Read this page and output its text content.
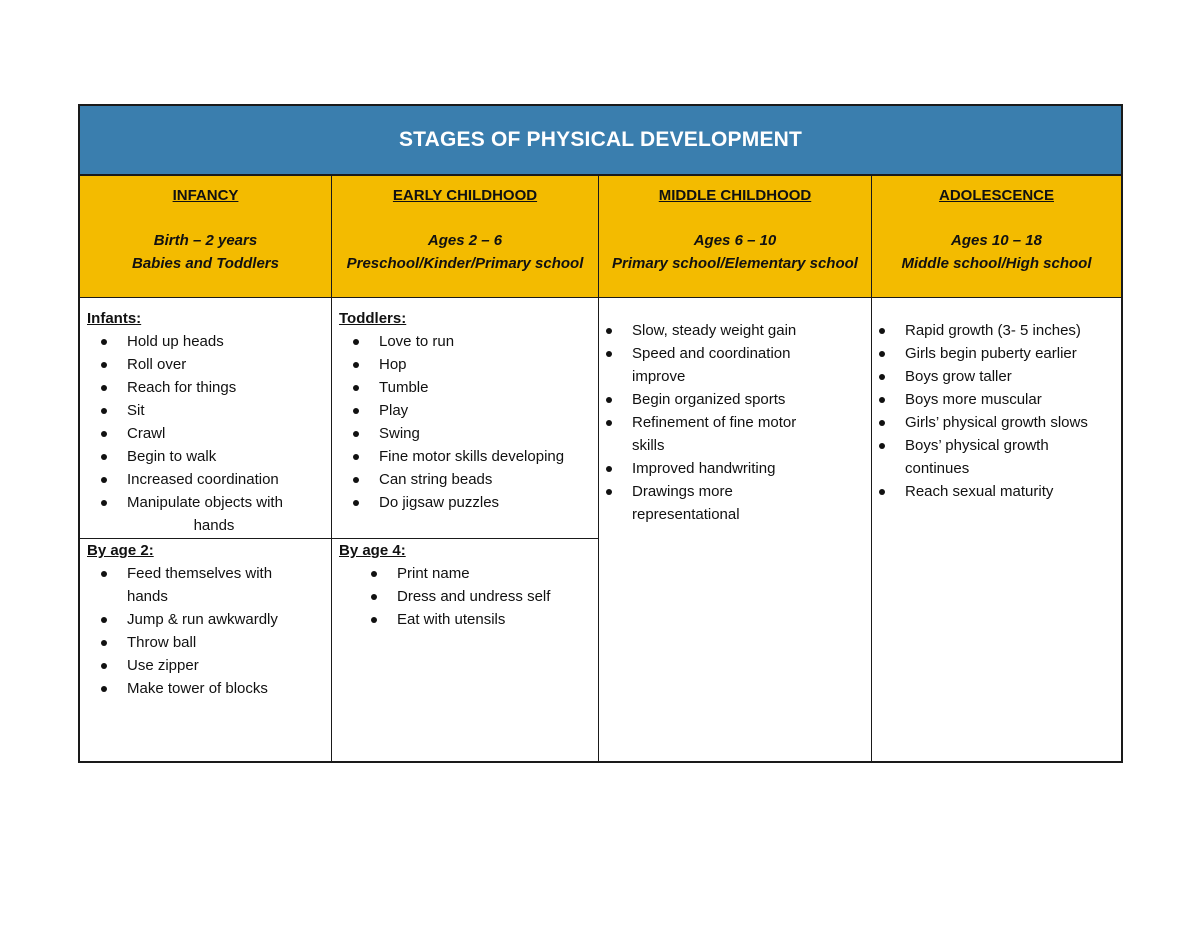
STAGES OF PHYSICAL DEVELOPMENT
INFANCY
Birth – 2 years
Babies and Toddlers
EARLY CHILDHOOD
Ages 2 – 6
Preschool/Kinder/Primary school
MIDDLE CHILDHOOD
Ages 6 – 10
Primary school/Elementary school
ADOLESCENCE
Ages 10 – 18
Middle school/High school
Infants:
Hold up heads
Roll over
Reach for things
Sit
Crawl
Begin to walk
Increased coordination
Manipulate objects with
hands
By age 2:
Feed themselves with
hands
Jump & run awkwardly
Throw ball
Use zipper
Make tower of blocks
Toddlers:
Love to run
Hop
Tumble
Play
Swing
Fine motor skills developing
Can string beads
Do jigsaw puzzles
By age 4:
Print name
Dress and undress self
Eat with utensils
Slow, steady weight gain
Speed and coordination
improve
Begin organized sports
Refinement of fine motor
skills
Improved handwriting
Drawings more
representational
Rapid growth (3- 5 inches)
Girls begin puberty earlier
Boys grow taller
Boys more muscular
Girls’ physical growth slows
Boys’ physical growth
continues
Reach sexual maturity
